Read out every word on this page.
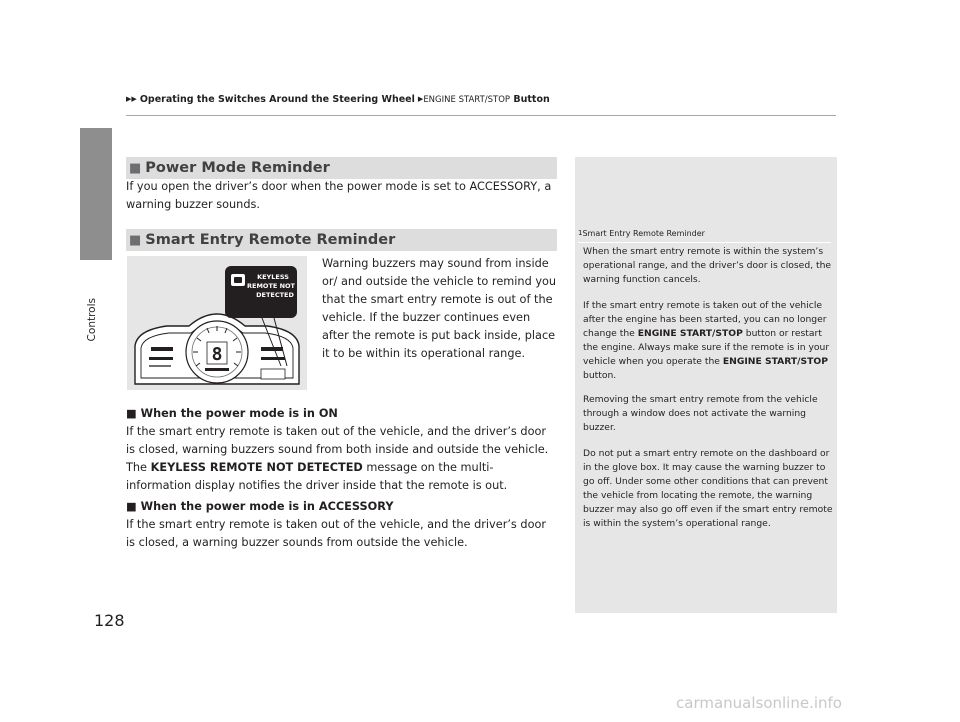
▶▶ Operating the Switches Around the Steering Wheel ▶ENGINE START/STOP Button
Controls
128
■ Power Mode Reminder
If you open the driver’s door when the power mode is set to ACCESSORY, a warning buzzer sounds.
■ Smart Entry Remote Reminder
8
KEYLESS
REMOTE NOT
DETECTED
Warning buzzers may sound from inside or/ and outside the vehicle to remind you that the smart entry remote is out of the vehicle. If the buzzer continues even after the remote is put back inside, place it to be within its operational range.
■ When the power mode is in ON
If the smart entry remote is taken out of the vehicle, and the driver’s door is closed, warning buzzers sound from both inside and outside the vehicle. The KEYLESS REMOTE NOT DETECTED message on the multi-information display notifies the driver inside that the remote is out.
■ When the power mode is in ACCESSORY
If the smart entry remote is taken out of the vehicle, and the driver’s door is closed, a warning buzzer sounds from outside the vehicle.
1Smart Entry Remote Reminder
When the smart entry remote is within the system’s operational range, and the driver’s door is closed, the warning function cancels.
If the smart entry remote is taken out of the vehicle after the engine has been started, you can no longer change the ENGINE START/STOP button or restart the engine. Always make sure if the remote is in your vehicle when you operate the ENGINE START/STOP button.
Removing the smart entry remote from the vehicle through a window does not activate the warning buzzer.
Do not put a smart entry remote on the dashboard or in the glove box. It may cause the warning buzzer to go off. Under some other conditions that can prevent the vehicle from locating the remote, the warning buzzer may also go off even if the smart entry remote is within the system’s operational range.
carmanualsonline.info
